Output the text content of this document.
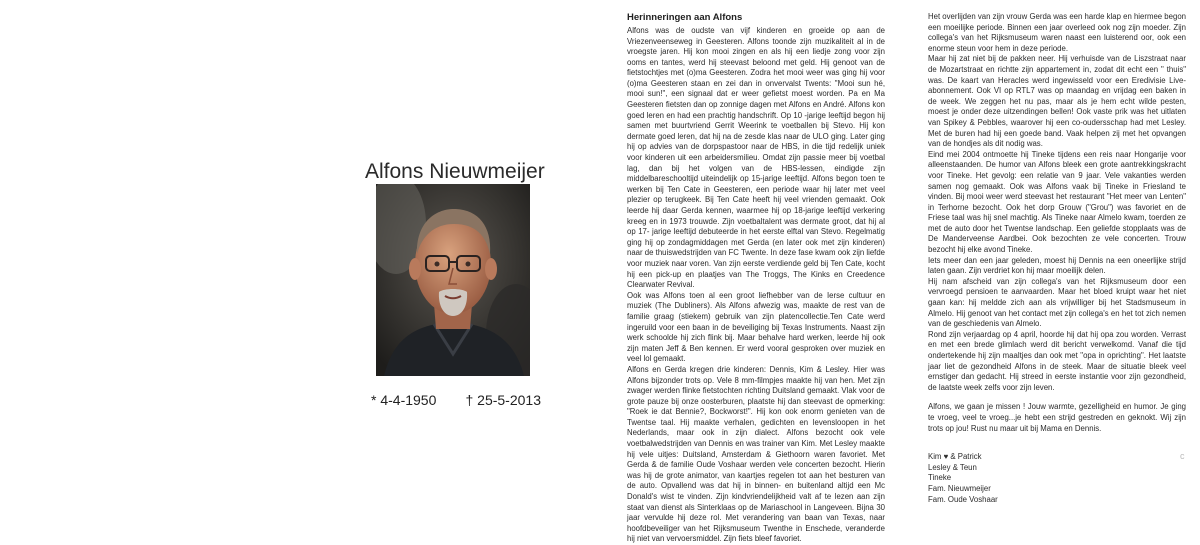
Alfons Nieuwmeijer
* 4-4-1950 † 25-5-2013
Herinneringen aan Alfons

Alfons was de oudste van vijf kinderen en groeide op aan de Vriezenveenseweg in Geesteren. Alfons toonde zijn muzikaliteit al in de vroegste jaren. Hij kon mooi zingen en als hij een liedje zong voor zijn ooms en tantes, werd hij steevast beloond met geld. Hij genoot van de fietstochtjes met (o)ma Geesteren. Zodra het mooi weer was ging hij voor (o)ma Geesteren staan en zei dan in onvervalst Twents: "Mooi sun hé, mooi sun!", een signaal dat er weer gefietst moest worden. Pa en Ma Geesteren fietsten dan op zonnige dagen met Alfons en André. Alfons kon goed leren en had een prachtig handschrift. Op 10 -jarige leeftijd begon hij samen met buurtvriend Gerrit Weerink te voetballen bij Stevo. Hij kon dermate goed leren, dat hij na de zesde klas naar de ULO ging. Later ging hij op advies van de dorpspastoor naar de HBS, in die tijd redelijk uniek voor kinderen uit een arbeidersmilieu. Omdat zijn passie meer bij voetbal lag, dan bij het volgen van de HBS-lessen, eindigde zijn middelbareschooltijd uiteindelijk op 15-jarige leeftijd. Alfons begon toen te werken bij Ten Cate in Geesteren, een periode waar hij later met veel plezier op terugkeek. Bij Ten Cate heeft hij veel vrienden gemaakt. Ook leerde hij daar Gerda kennen, waarmee hij op 18-jarige leeftijd verkering kreeg en in 1973 trouwde. Zijn voetbaltalent was dermate groot, dat hij al op 17- jarige leeftijd debuteerde in het eerste elftal van Stevo. Regelmatig ging hij op zondagmiddagen met Gerda (en later ook met zijn kinderen) naar de thuiswedstrijden van FC Twente. In deze fase kwam ook zijn liefde voor muziek naar voren. Van zijn eerste verdiende geld bij Ten Cate, kocht hij een pick-up en plaatjes van The Troggs, The Kinks en Creedence Clearwater Revival.

Ook was Alfons toen al een groot liefhebber van de Ierse cultuur en muziek (The Dubliners). Als Alfons afwezig was, maakte de rest van de familie graag (stiekem) gebruik van zijn platencollectie.Ten Cate werd ingeruild voor een baan in de beveiliging bij Texas Instruments. Naast zijn werk schoolde hij zich flink bij. Maar behalve hard werken, leerde hij ook zijn maten Jeff & Ben kennen. Er werd vooral gesproken over muziek en veel lol gemaakt.

Alfons en Gerda kregen drie kinderen: Dennis, Kim & Lesley. Hier was Alfons bijzonder trots op. Vele 8 mm-filmpjes maakte hij van hen. Met zijn zwager werden flinke fietstochten richting Duitsland gemaakt. Vlak voor de grote pauze bij onze oosterburen, plaatste hij dan steevast de opmerking: "Roek ie dat Bennie?, Bockworst!". Hij kon ook enorm genieten van de Twentse taal. Hij maakte verhalen, gedichten en levensloopen in het Nederlands, maar ook in zijn dialect. Alfons bezocht ook vele voetbalwedstrijden van Dennis en was trainer van Kim. Met Lesley maakte hij vele uitjes: Duitsland, Amsterdam & Giethoorn waren favoriet. Met Gerda & de familie Oude Voshaar werden vele concerten bezocht. Hierin was hij de grote animator, van kaartjes regelen tot aan het besturen van de auto. Opvallend was dat hij in binnen- en buitenland altijd een Mc Donald's wist te vinden. Zijn kindvriendelijkheid valt af te lezen aan zijn staat van dienst als Sinterklaas op de Mariaschool in Langeveen. Bijna 30 jaar vervulde hij deze rol. Met verandering van baan van Texas, naar hoofdbeveiliger van het Rijksmuseum Twenthe in Enschede, veranderde hij niet van vervoersmiddel. Zijn fiets bleef favoriet.

Het overlijden van zijn vrouw Gerda was een harde klap en hiermee begon een moeilijke periode. Binnen een jaar overleed ook nog zijn moeder. Zijn collega's van het Rijksmuseum waren naast een luisterend oor, ook een enorme steun voor hem in deze periode.

Maar hij zat niet bij de pakken neer. Hij verhuisde van de Liszstraat naar de Mozartstraat en richtte zijn appartement in, zodat dit echt een " thuis" was. De kaart van Heracles werd ingewisseld voor een Eredivisie Live- abonnement. Ook VI op RTL7 was op maandag en vrijdag een baken in de week. We zeggen het nu pas, maar als je hem echt wilde pesten, moest je onder deze uitzendingen bellen! Ook vaste prik was het uitlaten van Spikey & Pebbles, waarover hij een co-oudersschap had met Lesley. Met de buren had hij een goede band. Vaak helpen zij met het opvangen van de hondjes als dit nodig was.

Eind mei 2004 ontmoette hij Tineke tijdens een reis naar Hongarije voor alleenstaanden. De humor van Alfons bleek een grote aantrekkingskracht voor Tineke. Het gevolg: een relatie van 9 jaar. Vele vakanties werden samen nog gemaakt. Ook was Alfons vaak bij Tineke in Friesland te vinden. Bij mooi weer werd steevast het restaurant "Het meer van Lenten" in Terhorne bezocht. Ook het dorp Grouw ("Grou") was favoriet en de Friese taal was hij snel machtig. Als Tineke naar Almelo kwam, toerden ze met de auto door het Twentse landschap. Een geliefde stopplaats was de De Manderveense Aardbei. Ook bezochten ze vele concerten. Trouw bezocht hij elke avond Tineke.

Iets meer dan een jaar geleden, moest hij Dennis na een oneerlijke strijd laten gaan. Zijn verdriet kon hij maar moeilijk delen.

Hij nam afscheid van zijn collega's van het Rijksmuseum door een vervroegd pensioen te aanvaarden. Maar het bloed kruipt waar het niet gaan kan: hij meldde zich aan als vrijwilliger bij het Stadsmuseum in Almelo. Hij genoot van het contact met zijn collega's en het tot zich nemen van de geschiedenis van Almelo.

Rond zijn verjaardag op 4 april, hoorde hij dat hij opa zou worden. Verrast en met een brede glimlach werd dit bericht verwelkomd. Vanaf die tijd ondertekende hij zijn maaltjes dan ook met "opa in oprichting". Het laatste jaar liet de gezondheid Alfons in de steek. Maar de situatie bleek veel ernstiger dan gedacht. Hij streed in eerste instantie voor zijn gezondheid, de laatste week zelfs voor zijn leven.

Alfons, we gaan je missen ! Jouw warmte, gezelligheid en humor. Je ging te vroeg, veel te vroeg...je hebt een strijd gestreden en geknokt. Wij zijn trots op jou! Rust nu maar uit bij Mama en Dennis.

Kim ♥ & Patrick

Lesley & Teun

Tineke

Fam. Nieuwmeijer

Fam. Oude Voshaar

c
